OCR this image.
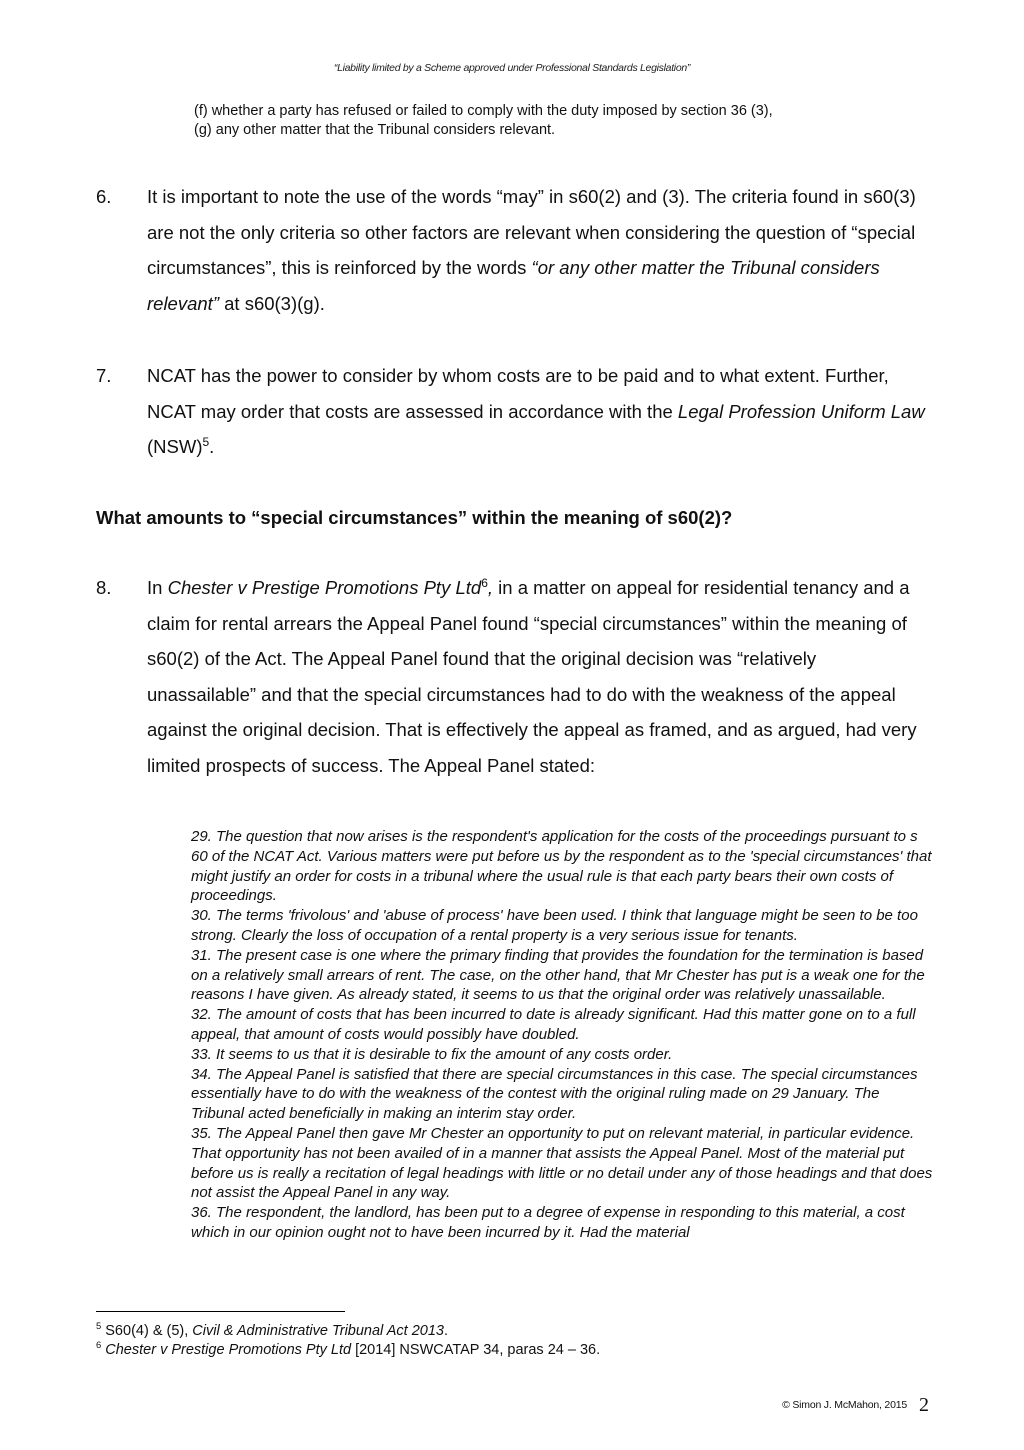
“Liability limited by a Scheme approved under Professional Standards Legislation”
(f) whether a party has refused or failed to comply with the duty imposed by section 36 (3),
(g) any other matter that the Tribunal considers relevant.
6. It is important to note the use of the words “may” in s60(2) and (3). The criteria found in s60(3) are not the only criteria so other factors are relevant when considering the question of “special circumstances”, this is reinforced by the words “or any other matter the Tribunal considers relevant” at s60(3)(g).
7. NCAT has the power to consider by whom costs are to be paid and to what extent. Further, NCAT may order that costs are assessed in accordance with the Legal Profession Uniform Law (NSW)$^5$.
What amounts to “special circumstances” within the meaning of s60(2)?
8. In Chester v Prestige Promotions Pty Ltd$^6$, in a matter on appeal for residential tenancy and a claim for rental arrears the Appeal Panel found “special circumstances” within the meaning of s60(2) of the Act. The Appeal Panel found that the original decision was “relatively unassailable” and that the special circumstances had to do with the weakness of the appeal against the original decision. That is effectively the appeal as framed, and as argued, had very limited prospects of success. The Appeal Panel stated:

29. The question that now arises is the respondent's application for the costs of the proceedings pursuant to s 60 of the NCAT Act. Various matters were put before us by the respondent as to the 'special circumstances' that might justify an order for costs in a tribunal where the usual rule is that each party bears their own costs of proceedings.

30. The terms 'frivolous' and 'abuse of process' have been used. I think that language might be seen to be too strong. Clearly the loss of occupation of a rental property is a very serious issue for tenants.

31. The present case is one where the primary finding that provides the foundation for the termination is based on a relatively small arrears of rent. The case, on the other hand, that Mr Chester has put is a weak one for the reasons I have given. As already stated, it seems to us that the original order was relatively unassailable.

32. The amount of costs that has been incurred to date is already significant. Had this matter gone on to a full appeal, that amount of costs would possibly have doubled.

33. It seems to us that it is desirable to fix the amount of any costs order.

34. The Appeal Panel is satisfied that there are special circumstances in this case. The special circumstances essentially have to do with the weakness of the contest with the original ruling made on 29 January. The Tribunal acted beneficially in making an interim stay order.

35. The Appeal Panel then gave Mr Chester an opportunity to put on relevant material, in particular evidence. That opportunity has not been availed of in a manner that assists the Appeal Panel. Most of the material put before us is really a recitation of legal headings with little or no detail under any of those headings and that does not assist the Appeal Panel in any way.

36. The respondent, the landlord, has been put to a degree of expense in responding to this material, a cost which in our opinion ought not to have been incurred by it. Had the material

$^5$ S60(4) & (5), Civil & Administrative Tribunal Act 2013.
$^6$ Chester v Prestige Promotions Pty Ltd [2014] NSWCATAP 34, paras 24 – 36.
© Simon J. McMahon, 2015 2
